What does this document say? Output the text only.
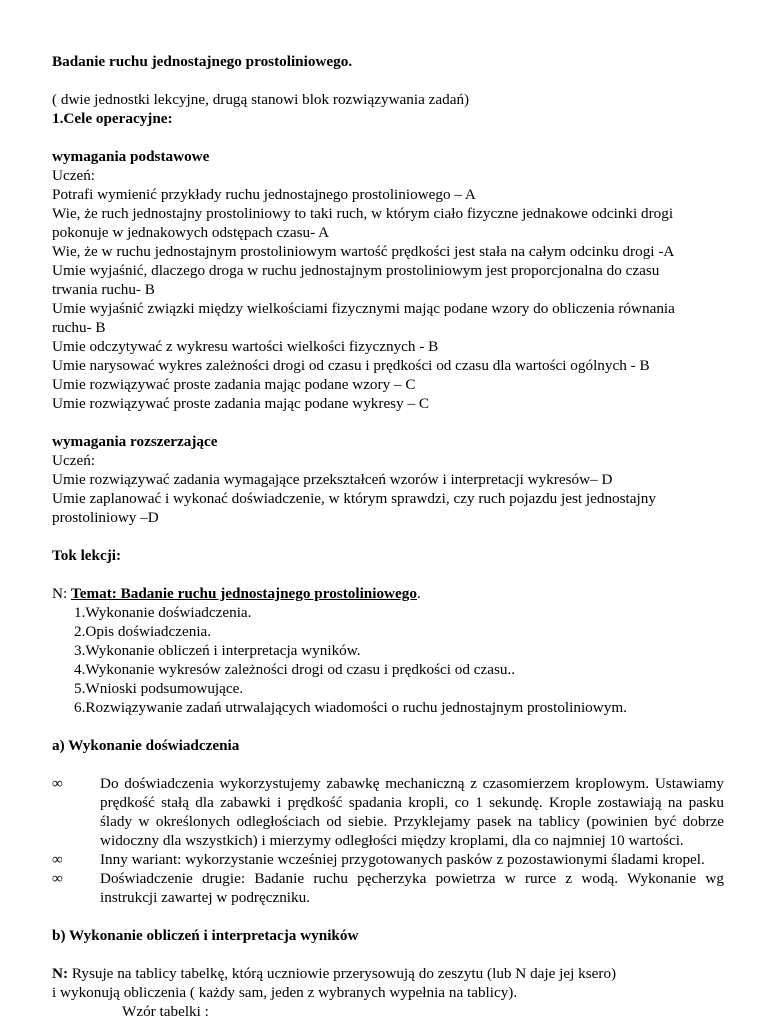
Badanie ruchu jednostajnego prostoliniowego.
( dwie jednostki lekcyjne, drugą stanowi blok rozwiązywania zadań)
1.Cele operacyjne:
wymagania podstawowe
Uczeń:
Potrafi wymienić przykłady ruchu jednostajnego prostoliniowego – A
Wie, że ruch jednostajny prostoliniowy to taki ruch, w którym ciało fizyczne jednakowe odcinki drogi
pokonuje w jednakowych odstępach czasu- A
Wie, że w ruchu jednostajnym prostoliniowym wartość prędkości jest stała na całym odcinku drogi -A
Umie wyjaśnić, dlaczego droga w ruchu jednostajnym prostoliniowym jest proporcjonalna do czasu
trwania ruchu- B
Umie wyjaśnić związki między wielkościami fizycznymi mając podane wzory do obliczenia równania
ruchu- B
Umie odczytywać z wykresu wartości wielkości fizycznych - B
Umie narysować wykres zależności drogi od czasu i prędkości od czasu dla wartości ogólnych - B
Umie rozwiązywać proste zadania mając podane wzory – C
Umie rozwiązywać proste zadania mając podane wykresy – C
wymagania rozszerzające
Uczeń:
Umie rozwiązywać zadania wymagające przekształceń wzorów i interpretacji wykresów– D
Umie zaplanować i wykonać doświadczenie, w którym sprawdzi, czy ruch pojazdu jest jednostajny
prostoliniowy –D
Tok lekcji:
N: Temat: Badanie ruchu jednostajnego prostoliniowego.
1.Wykonanie doświadczenia.
2.Opis doświadczenia.
3.Wykonanie obliczeń i interpretacja wyników.
4.Wykonanie wykresów zależności drogi od czasu i prędkości od czasu..
5.Wnioski podsumowujące.
6.Rozwiązywanie zadań utrwalających wiadomości o ruchu jednostajnym prostoliniowym.
a) Wykonanie doświadczenia
∞	Do doświadczenia wykorzystujemy zabawkę mechaniczną z czasomierzem kroplowym. Ustawiamy prędkość stałą dla zabawki i prędkość spadania kropli, co 1 sekundę. Krople zostawiają na pasku ślady w określonych odległościach od siebie. Przyklejamy pasek na tablicy (powinien być dobrze widoczny dla wszystkich) i mierzymy odległości między kroplami, dla co najmniej 10 wartości.
∞	Inny wariant: wykorzystanie wcześniej przygotowanych pasków z pozostawionymi śladami kropel.
∞	Doświadczenie drugie: Badanie ruchu pęcherzyka powietrza w rurce z wodą. Wykonanie wg instrukcji zawartej w podręczniku.
b) Wykonanie obliczeń i interpretacja wyników
N: Rysuje na tablicy tabelkę, którą uczniowie przerysowują do zeszytu (lub N daje jej ksero)
i wykonują obliczenia ( każdy sam, jeden z wybranych wypełnia na tablicy).
Wzór tabelki :
